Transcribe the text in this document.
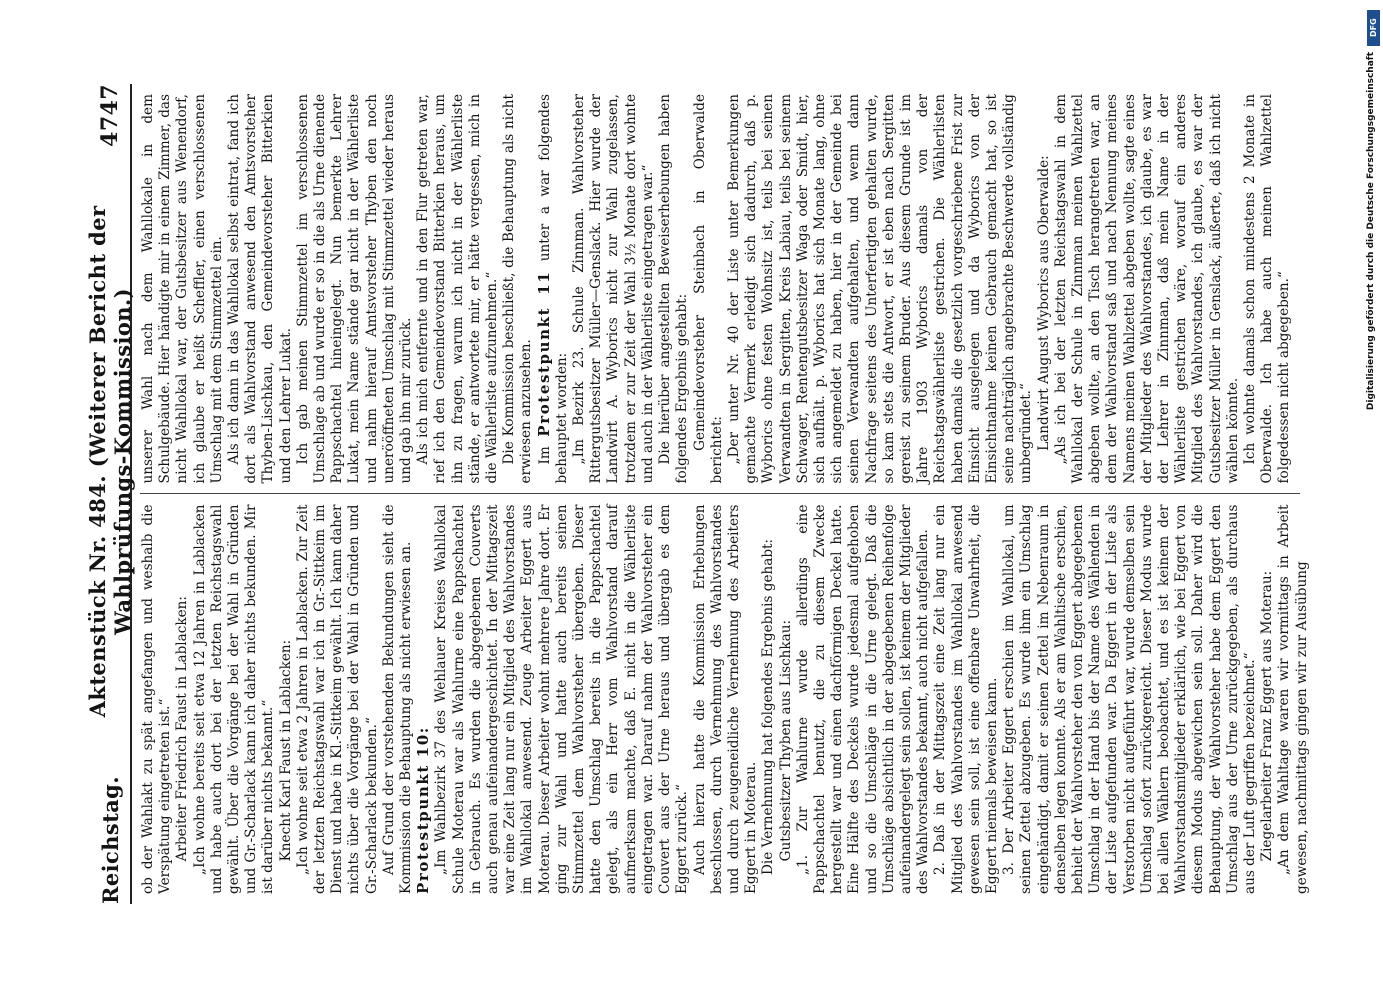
Reichstag.
Aktenstück Nr. 484. (Weiterer Bericht der Wahlprüfungs-Kommission.)
4747

ob der Wahlakt zu spät angefangen und weshalb die Verspätung eingetreten ist.“ Arbeiter Friedrich Faust in Lablacken: „Ich wohne bereits seit etwa 12 Jahren in Lablacken und habe auch dort bei der letzten Reichstagswahl gewählt. Über die Vorgänge bei der Wahl in Gründen und Gr.-Scharlack kann ich daher nichts bekunden. Mir ist darüber nichts bekannt.“ Knecht Karl Faust in Lablacken: „Ich wohne seit etwa 2 Jahren in Lablacken. Zur Zeit der letzten Reichstagswahl war ich in Gr.-Sittkeim im Dienst und habe in Kl.-Sittkeim gewählt. Ich kann daher nichts über die Vorgänge bei der Wahl in Gründen und Gr.-Scharlack bekunden.“ Auf Grund der vorstehenden Bekundungen sieht die Kommission die Behauptung als nicht erwiesen an. Protestpunkt 10: „Im Wahlbezirk 37 des Wehlauer Kreises Wahllokal Schule Moterau war als Wahlurne eine Pappschachtel in Gebrauch. Es wurden die abgegebenen Couverts auch genau aufeinandergeschichtet. In der Mittagszeit war eine Zeit lang nur ein Mitglied des Wahlvorstandes im Wahllokal anwesend. Zeuge Arbeiter Eggert aus Moterau. Dieser Arbeiter wohnt mehrere Jahre dort. Er ging zur Wahl und hatte auch bereits seinen Stimmzettel dem Wahlvorsteher übergeben. Dieser hatte den Umschlag bereits in die Pappschachtel gelegt, als ein Herr vom Wahlvorstand darauf aufmerksam machte, daß E. nicht in die Wählerliste eingetragen war. Darauf nahm der Wahlvorsteher ein Couvert aus der Urne heraus und übergab es dem Eggert zurück.“ Auch hierzu hatte die Kommission Erhebungen beschlossen, durch Vernehmung des Wahlvorstandes und durch zeugeneidliche Vernehmung des Arbeiters Eggert in Moterau. Die Vernehmung hat folgendes Ergebnis gehabt: Gutsbesitzer Thyben aus Lischkau: „1. Zur Wahlurne wurde allerdings eine Pappschachtel benutzt, die zu diesem Zwecke hergestellt war und einen dachförmigen Deckel hatte. Eine Hälfte des Deckels wurde jedesmal aufgehoben und so die Umschläge in die Urne gelegt. Daß die Umschläge absichtlich in der abgegebenen Reihenfolge aufeinandergelegt sein sollen, ist keinem der Mitglieder des Wahlvorstandes bekannt, auch nicht aufgefallen. 2. Daß in der Mittagszeit eine Zeit lang nur ein Mitglied des Wahlvorstandes im Wahllokal anwesend gewesen sein soll, ist eine offenbare Unwahrheit, die Eggert niemals beweisen kann. 3. Der Arbeiter Eggert erschien im Wahllokal, um seinen Zettel abzugeben. Es wurde ihm ein Umschlag eingehändigt, damit er seinen Zettel im Nebenraum in denselben legen konnte. Als er am Wahltische erschien, behielt der Wahlvorsteher den von Eggert abgegebenen Umschlag in der Hand bis der Name des Wählenden in der Liste aufgefunden war. Da Eggert in der Liste als Verstorben nicht aufgeführt war, wurde demselben sein Umschlag sofort zurückgereicht. Dieser Modus wurde bei allen Wählern beobachtet, und es ist keinem der Wahlvorstandsmitglieder erklärlich, wie bei Eggert von diesem Modus abgewichen sein soll. Daher wird die Behauptung, der Wahlvorsteher habe dem Eggert den Umschlag aus der Urne zurückgegeben, als durchaus aus der Luft gegriffen bezeichnet.“ Ziegelarbeiter Franz Eggert aus Moterau: „An dem Wahltage waren wir vormittags in Arbeit gewesen, nachmittags gingen wir zur Ausübung

unserer Wahl nach dem Wahllokale in dem Schulgebäude. Hier händigte mir in einem Zimmer, das nicht Wahllokal war, der Gutsbesitzer aus Wenendorf, ich glaube er heißt Scheffler, einen verschlossenen Umschlag mit dem Stimmzettel ein. Als ich dann in das Wahllokal selbst eintrat, fand ich dort als Wahlvorstand anwesend den Amtsvorsteher Thyben-Lischkau, den Gemeindevorsteher Bitterkien und den Lehrer Lukat. Ich gab meinen Stimmzettel im verschlossenen Umschlage ab und wurde er so in die als Urne dienende Pappschachtel hineingelegt. Nun bemerkte Lehrer Lukat, mein Name stände gar nicht in der Wählerliste und nahm hierauf Amtsvorsteher Thyben den noch unerööffneten Umschlag mit Stimmzettel wieder heraus und gab ihn mir zurück. Als ich mich entfernte und in den Flur getreten war, rief ich den Gemeindevorstand Bitterkien heraus, um ihn zu fragen, warum ich nicht in der Wählerliste stände, er antwortete mir, er hätte vergessen, mich in die Wählerliste aufzunehmen.“ Die Kommission beschließt, die Behauptung als nicht erwiesen anzusehen. Im Protestpunkt 11 unter a war folgendes behauptet worden: „Im Bezirk 23. Schule Zinnman. Wahlvorsteher Rittergutsbesitzer Müller—Genslack. Hier wurde der Landwirt A. Wyborics nicht zur Wahl zugelassen, trotzdem er zur Zeit der Wahl 3½ Monate dort wohnte und auch in der Wählerliste eingetragen war.“ Die hierüber angestellten Beweiserhebungen haben folgendes Ergebnis gehabt: Gemeindevorsteher Steinbach in Oberwalde berichtet: „Der unter Nr. 40 der Liste unter Bemerkungen gemachte Vermerk erledigt sich dadurch, daß p. Wyborics ohne festen Wohnsitz ist, teils bei seinen Verwandten in Sergitten, Kreis Labiau, teils bei seinem Schwager, Rentengutsbesitzer Waga oder Smidt, hier, sich aufhält. p. Wyborics hat sich Monate lang, ohne sich angemeldet zu haben, hier in der Gemeinde bei seinen Verwandten aufgehalten, und wenn dann Nachfrage seitens des Unterfertigten gehalten wurde, so kam stets die Antwort, er ist eben nach Sergitten gereist zu seinem Bruder. Aus diesem Grunde ist im Jahre 1903 Wyborics damals von der Reichstagswählerliste gestrichen. Die Wählerlisten haben damals die gesetzlich vorgeschriebene Frist zur Einsicht ausgelegen und da Wyborics von der Einsichtnahme keinen Gebrauch gemacht hat, so ist seine nachträglich angebrachte Beschwerde vollständig unbegründet.“ Landwirt August Wyborics aus Oberwalde: „Als ich bei der letzten Reichstagswahl in dem Wahllokal der Schule in Zinnman meinen Wahlzettel abgeben wollte, an den Tisch herangetreten war, an dem der Wahlvorstand saß und nach Nennung meines Namens meinen Wahlzettel abgeben wollte, sagte eines der Mitglieder des Wahlvorstandes, ich glaube, es war der Lehrer in Zinnman, daß mein Name in der Wählerliste gestrichen wäre, worauf ein anderes Mitglied des Wahlvorstandes, ich glaube, es war der Gutsbesitzer Müller in Genslack, äußerte, daß ich nicht wählen könnte. Ich wohnte damals schon mindestens 2 Monate in Oberwalde. Ich habe auch meinen Wahlzettel folgedessen nicht abgegeben.“

DFG
Digitalisierung gefördert durch die Deutsche Forschungsgemeinschaft
